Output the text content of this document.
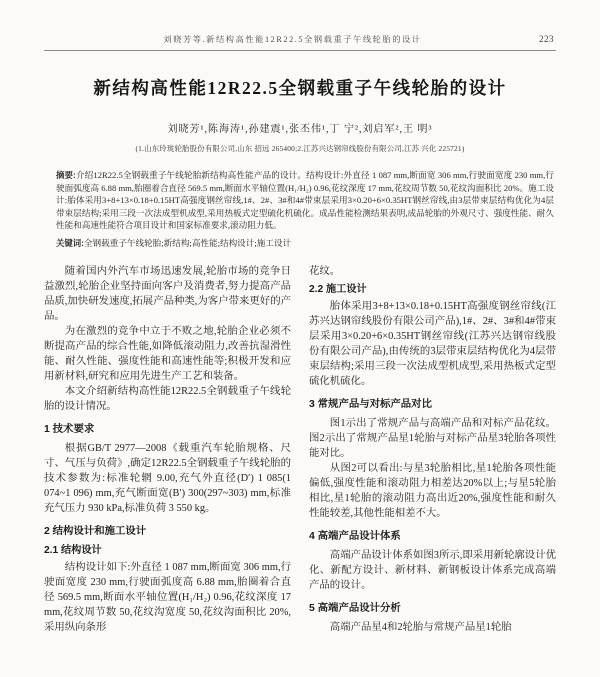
刘晓芳等.新结构高性能12R22.5全钢载重子午线轮胎的设计	223
新结构高性能12R22.5全钢载重子午线轮胎的设计
刘晓芳¹,陈海涛¹,孙建震¹,张丕伟¹,丁 宁²,刘启军²,王 明³
(1.山东玲珑轮胎股份有限公司,山东 招远 265400;2.江苏兴达钢帘线股份有限公司,江苏 兴化 225721)
摘要:介绍12R22.5全钢载重子午线轮胎新结构高性能产品的设计。结构设计:外直径 1 087 mm,断面宽 306 mm,行驶面宽度 230 mm,行驶面弧度高 6.88 mm,胎圈着合直径 569.5 mm,断面水平轴位置(H₁/H₂) 0.96,花纹深度 17 mm,花纹周节数 50,花纹沟面积比 20%。施工设计:胎体采用3+8+13×0.18+0.15HT高强度钢丝帘线,1#、2#、3#和4#带束层采用3×0.20+6×0.35HT钢丝帘线,由3层带束层结构优化为4层带束层结构;采用三段一次法成型机成型,采用热板式定型硫化机硫化。成品性能检测结果表明,成品轮胎的外观尺寸、强度性能、耐久性能和高速性能符合项目设计和国家标准要求,滚动阻力低。
关键词:全钢载重子午线轮胎;新结构;高性能;结构设计;施工设计

随着国内外汽车市场迅速发展,轮胎市场的竞争日益激烈,轮胎企业坚持面向客户及消费者,努力提高产品品质,加快研发速度,拓展产品种类,为客户带来更好的产品。

为在激烈的竞争中立于不败之地,轮胎企业必须不断提高产品的综合性能,如降低滚动阻力,改善抗湿滑性能、耐久性能、强度性能和高速性能等;积极开发和应用新材料,研究和应用先进生产工艺和装备。

本文介绍新结构高性能12R22.5全钢载重子午线轮胎的设计情况。

1 技术要求

根据GB/T 2977—2008《载重汽车轮胎规格、尺寸、气压与负荷》,确定12R22.5全钢载重子午线轮胎的技术参数为:标准轮辋 9.00,充气外直径(D′) 1 085(1 074~1 096) mm,充气断面宽(B′) 300(297~303) mm,标准充气压力 930 kPa,标准负荷 3 550 kg。

2 结构设计和施工设计
2.1 结构设计

结构设计如下:外直径 1 087 mm,断面宽 306 mm,行驶面宽度 230 mm,行驶面弧度高 6.88 mm,胎圈着合直径 569.5 mm,断面水平轴位置(H₁/H₂) 0.96,花纹深度 17 mm,花纹周节数 50,花纹沟宽度 50,花纹沟面积比 20%,采用纵向条形

花纹。

2.2 施工设计

胎体采用3+8+13×0.18+0.15HT高强度钢丝帘线(江苏兴达钢帘线股份有限公司产品),1#、2#、3#和4#带束层采用3×0.20+6×0.35HT钢丝帘线(江苏兴达钢帘线股份有限公司产品),由传统的3层带束层结构优化为4层带束层结构;采用三段一次法成型机成型,采用热板式定型硫化机硫化。

3 常规产品与对标产品对比

图1示出了常规产品与高端产品和对标产品花纹。图2示出了常规产品星1轮胎与对标产品星3轮胎各项性能对比。

从图2可以看出:与星3轮胎相比,星1轮胎各项性能偏低,强度性能和滚动阻力相差达20%以上;与星5轮胎相比,星1轮胎的滚动阻力高出近20%,强度性能和耐久性能较差,其他性能相差不大。

4 高端产品设计体系

高端产品设计体系如图3所示,即采用新轮廓设计优化、新配方设计、新材料、新钢板设计体系完成高端产品的设计。

5 高端产品设计分析

高端产品星4和2轮胎与常规产品星1轮胎
